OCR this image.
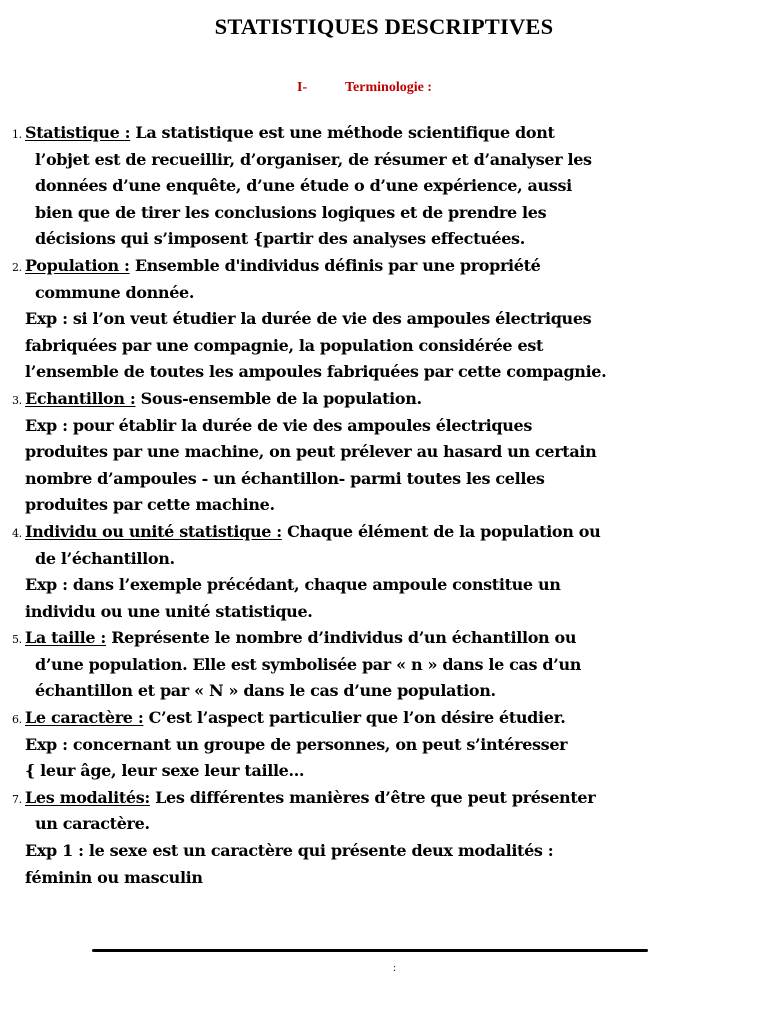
STATISTIQUES DESCRIPTIVES
I-	Terminologie :
1. Statistique : La statistique est une méthode scientifique dont
l’objet est de recueillir, d’organiser, de résumer et d’analyser les
données d’une enquête, d’une étude o d’une expérience, aussi
bien que de tirer les conclusions logiques et de prendre les
décisions qui s’imposent {partir des analyses effectuées.
2. Population : Ensemble d'individus définis par une propriété
commune donnée.
Exp : si l’on veut étudier la durée de vie des ampoules électriques
fabriquées par une compagnie, la population considérée est
l’ensemble de toutes les ampoules fabriquées par cette compagnie.
3. Echantillon : Sous-ensemble de la population.
Exp : pour établir la durée de vie des ampoules électriques
produites par une machine, on peut prélever au hasard un certain
nombre d’ampoules - un échantillon- parmi toutes les celles
produites par cette machine.
4. Individu ou unité statistique : Chaque élément de la population ou
de l’échantillon.
Exp : dans l’exemple précédant, chaque ampoule constitue un
individu ou une unité statistique.
5. La taille : Représente le nombre d’individus d’un échantillon ou
d’une population. Elle est symbolisée par « n » dans le cas d’un
échantillon et par « N » dans le cas d’une population.
6. Le caractère : C’est l’aspect particulier que l’on désire étudier.
Exp : concernant un groupe de personnes, on peut s’intéresser
{ leur âge, leur sexe leur taille…
7. Les modalités: Les différentes manières d’être que peut présenter
un caractère.
Exp 1 : le sexe est un caractère qui présente deux modalités :
féminin ou masculin
:
